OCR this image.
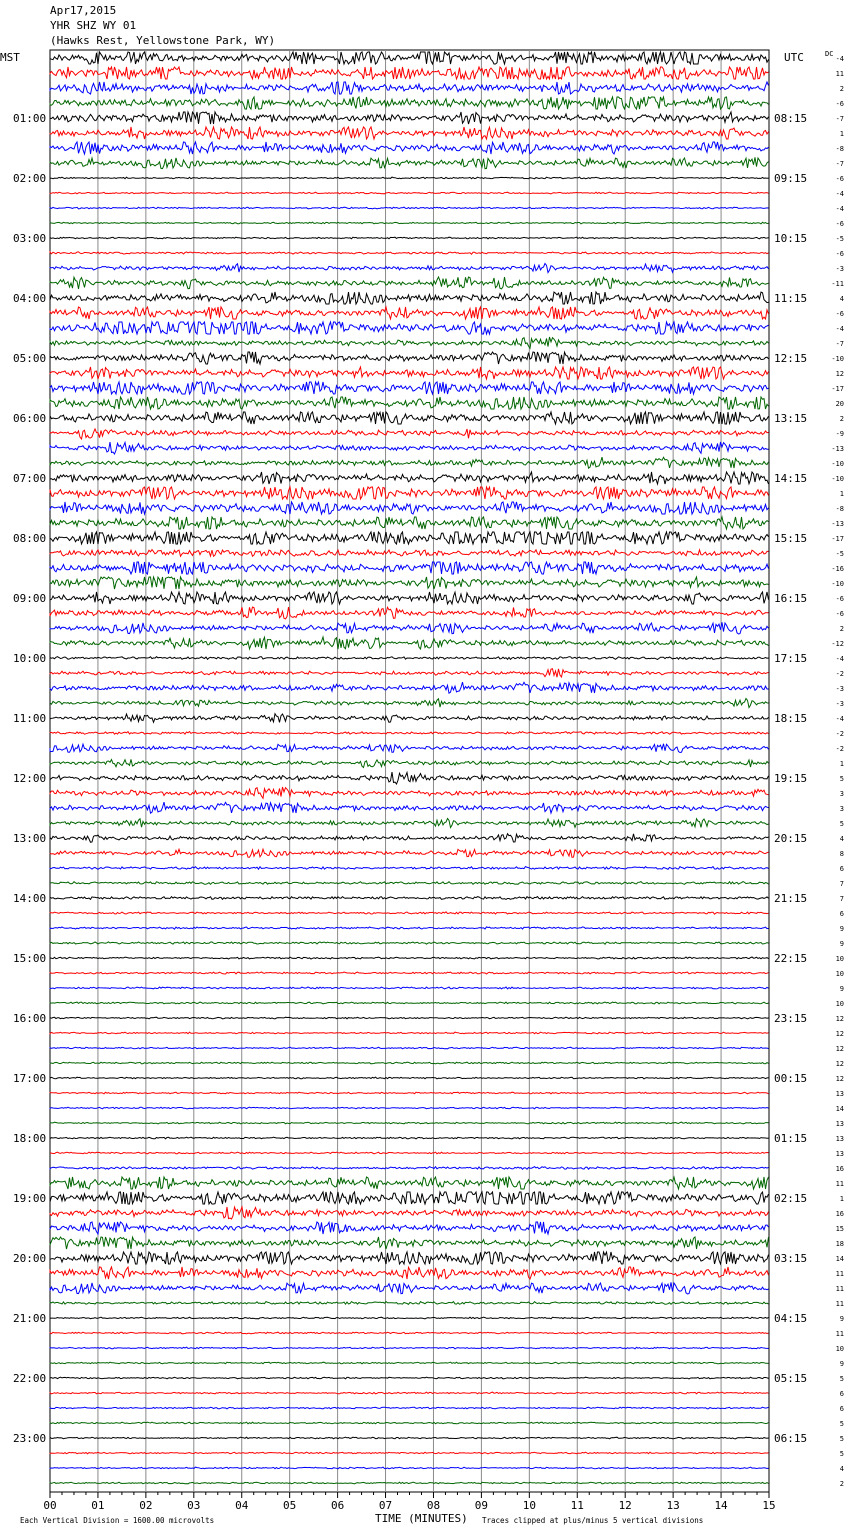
Apr17,2015
YHR SHZ WY 01
(Hawks Rest, Yellowstone Park, WY)
MST	UTC	DC
01:00
02:00
03:00
04:00
05:00
06:00
07:00
08:00
09:00
10:00
11:00
12:00
13:00
14:00
15:00
16:00
17:00
18:00
19:00
20:00
21:00
22:00
23:00
08:15
09:15
10:15
11:15
12:15
13:15
14:15
15:15
16:15
17:15
18:15
19:15
20:15
21:15
22:15
23:15
00:15
01:15
02:15
03:15
04:15
05:15
06:15
-4
11
2
-6
-7
1
-8
-7
-6
-4
-4
-6
-5
-6
-3
-11
4
-6
-4
-7
-10
12
-17
20
2
-9
-13
-10
-10
1
-8
-13
-17
-5
-16
-10
-6
-6
2
-12
-4
-2
-3
-3
-4
-2
-2
1
5
3
3
5
4
8
6
7
7
6
9
9
10
10
9
10
12
12
12
12
12
13
14
13
13
13
16
11
1
16
15
18
14
11
11
11
9
11
10
9
5
6
6
5
5
5
4
2
00	01	02	03	04	05	06	07	08	09	10	11	12	13	14	15
TIME (MINUTES)
Each Vertical Division = 1600.00 microvolts	Traces clipped at plus/minus 5 vertical divisions
